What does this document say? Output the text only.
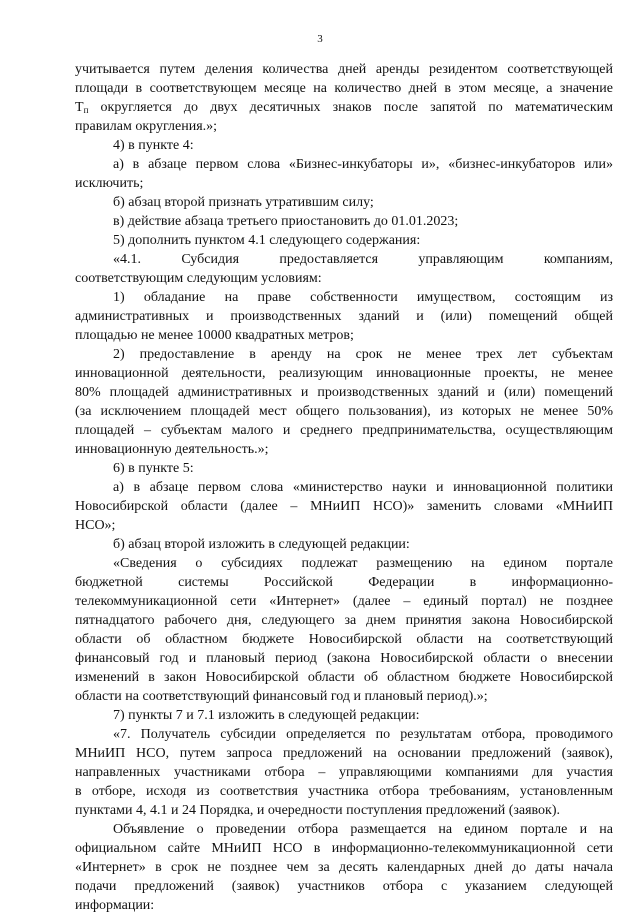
3
учитывается путем деления количества дней аренды резидентом соответствующей
площади в соответствующем месяце на количество дней в этом месяце, а значение
$Т_п$ округляется до двух десятичных знаков после запятой по математическим
правилам округления.»;
4) в пункте 4:
а) в абзаце первом слова «Бизнес-инкубаторы и», «бизнес-инкубаторов или»
исключить;
б) абзац второй признать утратившим силу;
в) действие абзаца третьего приостановить до 01.01.2023;
5) дополнить пунктом 4.1 следующего содержания:
«4.1. Субсидия предоставляется управляющим компаниям,
соответствующим следующим условиям:
1) обладание на праве собственности имуществом, состоящим из
административных и производственных зданий и (или) помещений общей
площадью не менее 10000 квадратных метров;
2) предоставление в аренду на срок не менее трех лет субъектам
инновационной деятельности, реализующим инновационные проекты, не менее
80% площадей административных и производственных зданий и (или) помещений
(за исключением площадей мест общего пользования), из которых не менее 50%
площадей – субъектам малого и среднего предпринимательства, осуществляющим
инновационную деятельность.»;
6) в пункте 5:
а) в абзаце первом слова «министерство науки и инновационной политики
Новосибирской области (далее – МНиИП НСО)» заменить словами «МНиИП
НСО»;
б) абзац второй изложить в следующей редакции:
«Сведения о субсидиях подлежат размещению на едином портале
бюджетной системы Российской Федерации в информационно-
телекоммуникационной сети «Интернет» (далее – единый портал) не позднее
пятнадцатого рабочего дня, следующего за днем принятия закона Новосибирской
области об областном бюджете Новосибирской области на соответствующий
финансовый год и плановый период (закона Новосибирской области о внесении
изменений в закон Новосибирской области об областном бюджете Новосибирской
области на соответствующий финансовый год и плановый период).»;
7) пункты 7 и 7.1 изложить в следующей редакции:
«7. Получатель субсидии определяется по результатам отбора, проводимого
МНиИП НСО, путем запроса предложений на основании предложений (заявок),
направленных участниками отбора – управляющими компаниями для участия
в отборе, исходя из соответствия участника отбора требованиям, установленным
пунктами 4, 4.1 и 24 Порядка, и очередности поступления предложений (заявок).
Объявление о проведении отбора размещается на едином портале и на
официальном сайте МНиИП НСО в информационно-телекоммуникационной сети
«Интернет» в срок не позднее чем за десять календарных дней до даты начала
подачи предложений (заявок) участников отбора с указанием следующей
информации:
